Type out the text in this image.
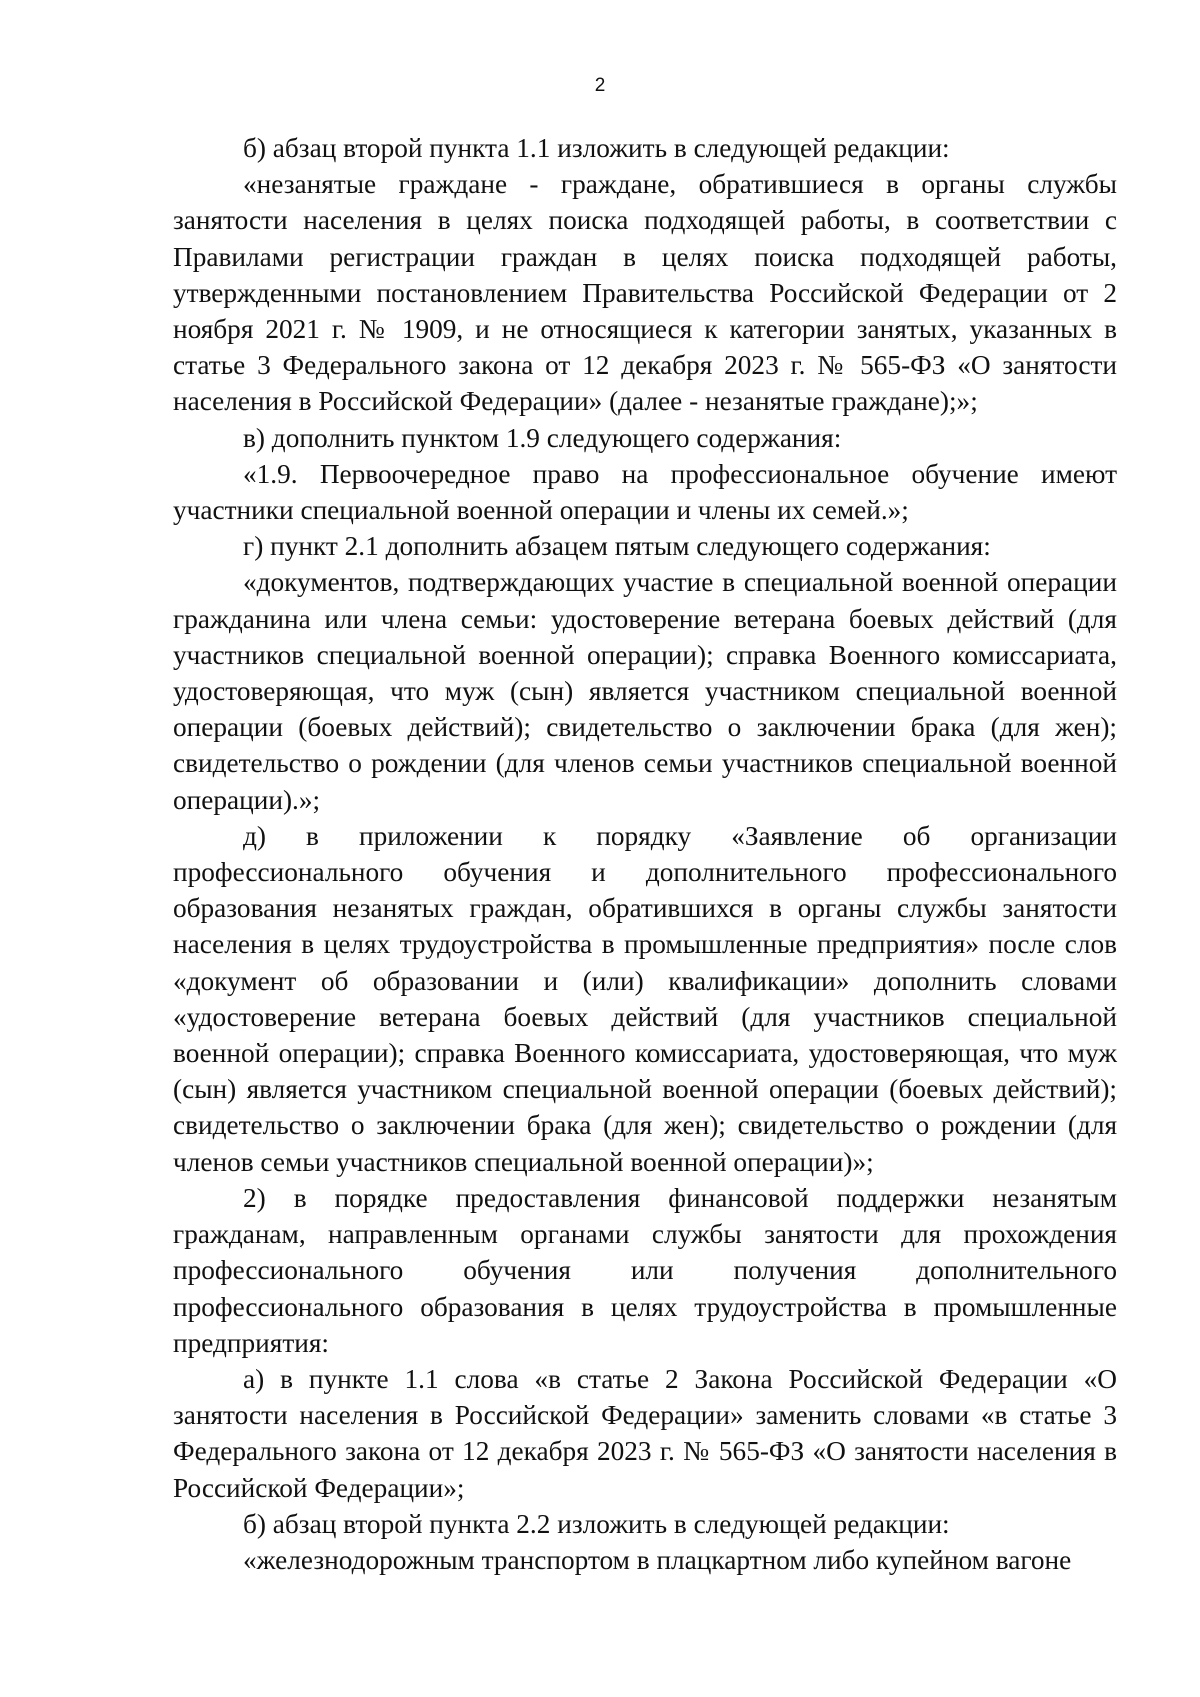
2

б) абзац второй пункта 1.1 изложить в следующей редакции:

«незанятые граждане - граждане, обратившиеся в органы службы занятости населения в целях поиска подходящей работы, в соответствии с Правилами регистрации граждан в целях поиска подходящей работы, утвержденными постановлением Правительства Российской Федерации от 2 ноября 2021 г. № 1909, и не относящиеся к категории занятых, указанных в статье 3 Федерального закона от 12 декабря 2023 г. № 565-ФЗ «О занятости населения в Российской Федерации» (далее - незанятые граждане);»;

в) дополнить пунктом 1.9 следующего содержания:

«1.9. Первоочередное право на профессиональное обучение имеют участники специальной военной операции и члены их семей.»;

г) пункт 2.1 дополнить абзацем пятым следующего содержания:

«документов, подтверждающих участие в специальной военной операции гражданина или члена семьи: удостоверение ветерана боевых действий (для участников специальной военной операции); справка Военного комиссариата, удостоверяющая, что муж (сын) является участником специальной военной операции (боевых действий); свидетельство о заключении брака (для жен); свидетельство о рождении (для членов семьи участников специальной военной операции).»;

д) в приложении к порядку «Заявление об организации профессионального обучения и дополнительного профессионального образования незанятых граждан, обратившихся в органы службы занятости населения в целях трудоустройства в промышленные предприятия» после слов «документ об образовании и (или) квалификации» дополнить словами «удостоверение ветерана боевых действий (для участников специальной военной операции); справка Военного комиссариата, удостоверяющая, что муж (сын) является участником специальной военной операции (боевых действий); свидетельство о заключении брака (для жен); свидетельство о рождении (для членов семьи участников специальной военной операции)»;

2) в порядке предоставления финансовой поддержки незанятым гражданам, направленным органами службы занятости для прохождения профессионального обучения или получения дополнительного профессионального образования в целях трудоустройства в промышленные предприятия:

а) в пункте 1.1 слова «в статье 2 Закона Российской Федерации «О занятости населения в Российской Федерации» заменить словами «в статье 3 Федерального закона от 12 декабря 2023 г. № 565-ФЗ «О занятости населения в Российской Федерации»;

б) абзац второй пункта 2.2 изложить в следующей редакции:

«железнодорожным транспортом в плацкартном либо купейном вагоне
